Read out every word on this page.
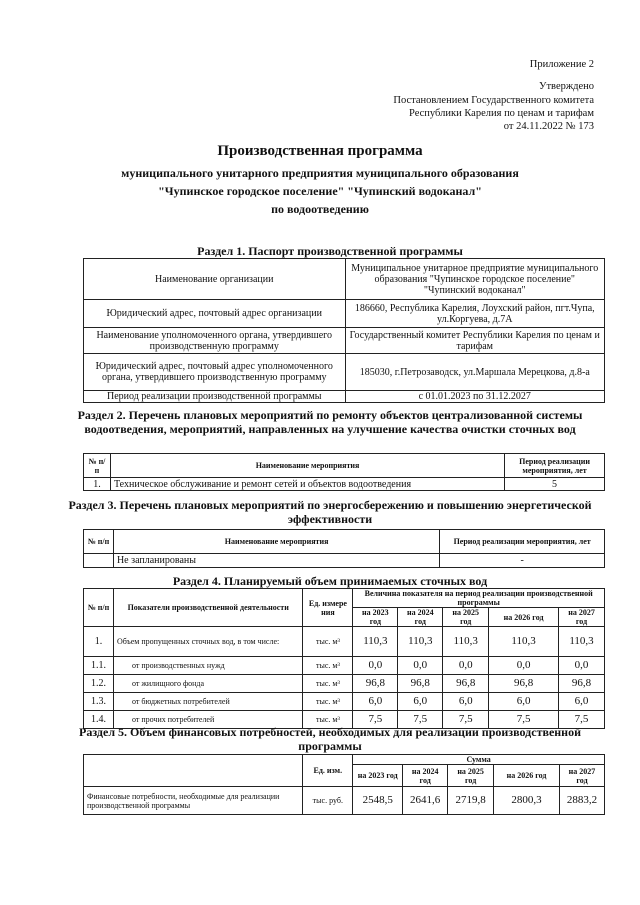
Приложение 2
Утверждено
Постановлением Государственного комитета
Республики Карелия по ценам и тарифам
от 24.11.2022 № 173
Производственная программа
муниципального унитарного предприятия муниципального образования
"Чупинское городское поселение" "Чупинский водоканал"
по водоотведению
Раздел 1. Паспорт производственной программы
Наименование организации	Муниципальное унитарное предприятие муниципального образования "Чупинское городское поселение" "Чупинский водоканал"
Юридический адрес, почтовый адрес организации	186660, Республика Карелия, Лоухский район, пгт.Чупа, ул.Коргуева, д.7А
Наименование уполномоченного органа, утвердившего производственную программу	Государственный комитет Республики Карелия по ценам и тарифам
Юридический адрес, почтовый адрес уполномоченного органа, утвердившего производственную программу	185030, г.Петрозаводск, ул.Маршала Мерецкова, д.8-а
Период реализации производственной программы	с 01.01.2023 по 31.12.2027
Раздел 2. Перечень плановых мероприятий по ремонту объектов централизованной системы водоотведения, мероприятий, направленных на улучшение качества очистки сточных вод
№ п/п	Наименование мероприятия	Период реализации мероприятия, лет
1.	Техническое обслуживание и ремонт сетей и объектов водоотведения	5
Раздел 3. Перечень плановых мероприятий по энергосбережению и повышению энергетической эффективности
№ п/п	Наименование мероприятия	Период реализации мероприятия, лет
	Не запланированы	-
Раздел 4. Планируемый объем принимаемых сточных вод
№ п/п	Показатели производственной деятельности	Ед. измере ния	Величина показателя на период реализации производственной программы				
			на 2023 год	на 2024 год	на 2025 год	на 2026 год	на 2027 год
1.	Объем пропущенных сточных вод, в том числе:	тыс. м³	110,3	110,3	110,3	110,3	110,3
1.1.	от производственных нужд	тыс. м³	0,0	0,0	0,0	0,0	0,0
1.2.	от жилищного фонда	тыс. м³	96,8	96,8	96,8	96,8	96,8
1.3.	от бюджетных потребителей	тыс. м³	6,0	6,0	6,0	6,0	6,0
1.4.	от прочих потребителей	тыс. м³	7,5	7,5	7,5	7,5	7,5
Раздел 5. Объем финансовых потребностей, необходимых для реализации производственной программы
	Ед. изм.	Сумма				
		на 2023 год	на 2024 год	на 2025 год	на 2026 год	на 2027 год
Финансовые потребности, необходимые для реализации производственной программы	тыс. руб.	2548,5	2641,6	2719,8	2800,3	2883,2
